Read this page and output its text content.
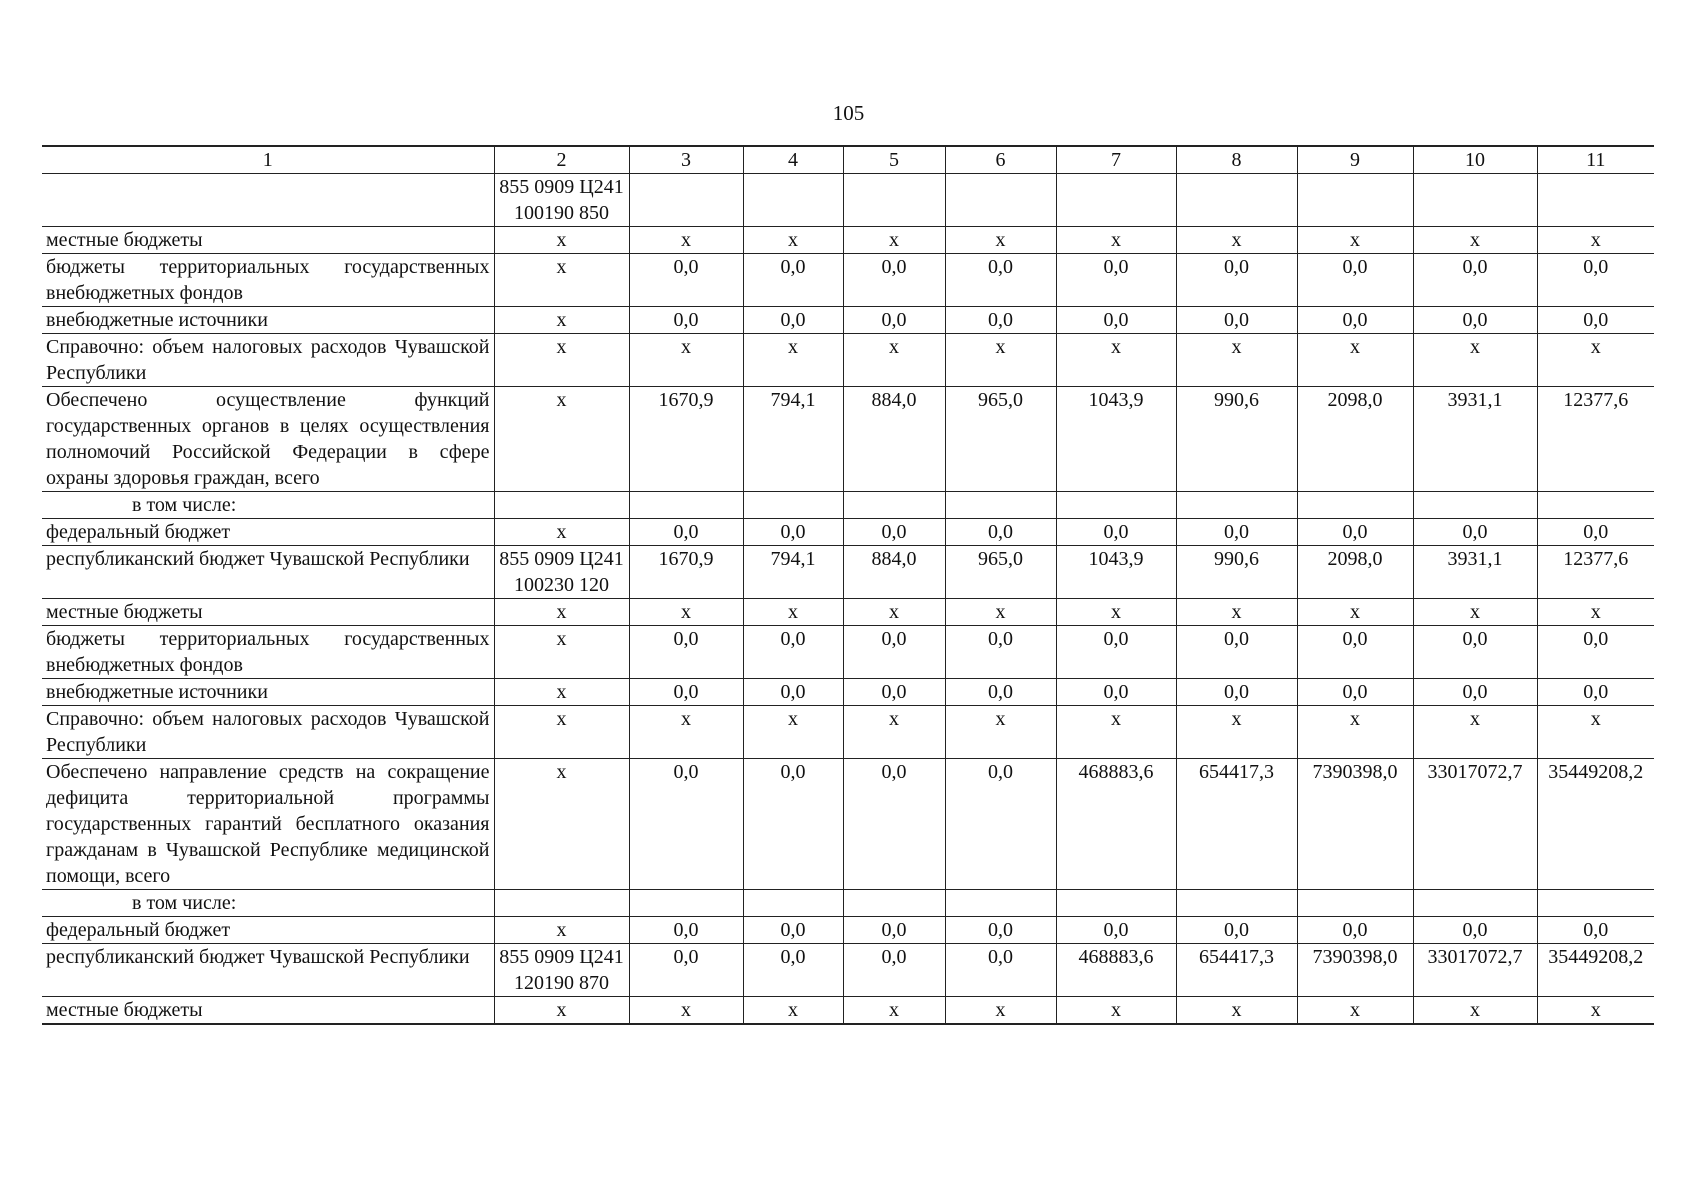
105
1	2	3	4	5	6	7	8	9	10	11
	855 0909 Ц241100190 850									
местные бюджеты	х	х	х	х	х	х	х	х	х	х
бюджеты территориальных государственных внебюджетных фондов	х	0,0	0,0	0,0	0,0	0,0	0,0	0,0	0,0	0,0
внебюджетные источники	х	0,0	0,0	0,0	0,0	0,0	0,0	0,0	0,0	0,0
Справочно: объем налоговых расходов Чувашской Республики	х	х	х	х	х	х	х	х	х	х
Обеспечено осуществление функций государственных органов в целях осуществления полномочий Российской Федерации в сфере охраны здоровья граждан, всего	х	1670,9	794,1	884,0	965,0	1043,9	990,6	2098,0	3931,1	12377,6
в том числе:										
федеральный бюджет	х	0,0	0,0	0,0	0,0	0,0	0,0	0,0	0,0	0,0
республиканский бюджет Чувашской Республики	855 0909 Ц241100230 120	1670,9	794,1	884,0	965,0	1043,9	990,6	2098,0	3931,1	12377,6
местные бюджеты	х	х	х	х	х	х	х	х	х	х
бюджеты территориальных государственных внебюджетных фондов	х	0,0	0,0	0,0	0,0	0,0	0,0	0,0	0,0	0,0
внебюджетные источники	х	0,0	0,0	0,0	0,0	0,0	0,0	0,0	0,0	0,0
Справочно: объем налоговых расходов Чувашской Республики	х	х	х	х	х	х	х	х	х	х
Обеспечено направление средств на сокращение дефицита территориальной программы государственных гарантий бесплатного оказания гражданам в Чувашской Республике медицинской помощи, всего	х	0,0	0,0	0,0	0,0	468883,6	654417,3	7390398,0	33017072,7	35449208,2
в том числе:										
федеральный бюджет	х	0,0	0,0	0,0	0,0	0,0	0,0	0,0	0,0	0,0
республиканский бюджет Чувашской Республики	855 0909 Ц241120190 870	0,0	0,0	0,0	0,0	468883,6	654417,3	7390398,0	33017072,7	35449208,2
местные бюджеты	х	х	х	х	х	х	х	х	х	х
